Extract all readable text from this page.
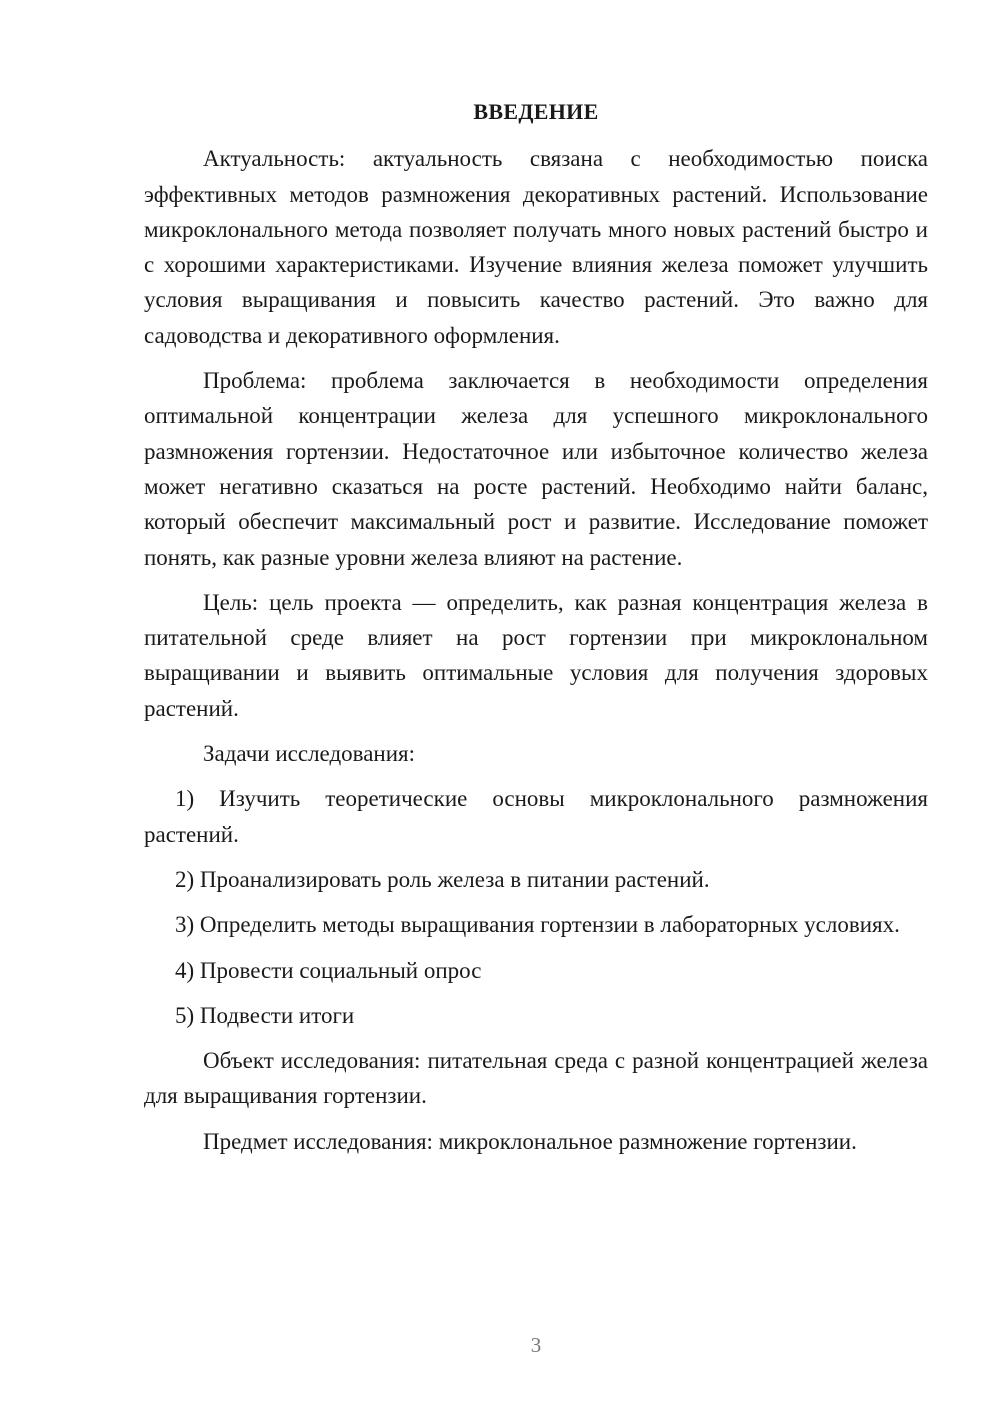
ВВЕДЕНИЕ

Актуальность: актуальность связана с необходимостью поиска эффективных методов размножения декоративных растений. Использование микроклонального метода позволяет получать много новых растений быстро и с хорошими характеристиками. Изучение влияния железа поможет улучшить условия выращивания и повысить качество растений. Это важно для садоводства и декоративного оформления.

Проблема: проблема заключается в необходимости определения оптимальной концентрации железа для успешного микроклонального размножения гортензии. Недостаточное или избыточное количество железа может негативно сказаться на росте растений. Необходимо найти баланс, который обеспечит максимальный рост и развитие. Исследование поможет понять, как разные уровни железа влияют на растение.

Цель: цель проекта — определить, как разная концентрация железа в питательной среде влияет на рост гортензии при микроклональном выращивании и выявить оптимальные условия для получения здоровых растений.

Задачи исследования:

1) Изучить теоретические основы микроклонального размножения растений.

2) Проанализировать роль железа в питании растений.

3) Определить методы выращивания гортензии в лабораторных условиях.

4) Провести социальный опрос

5) Подвести итоги

Объект исследования: питательная среда с разной концентрацией железа для выращивания гортензии.

Предмет исследования: микроклональное размножение гортензии.

3
